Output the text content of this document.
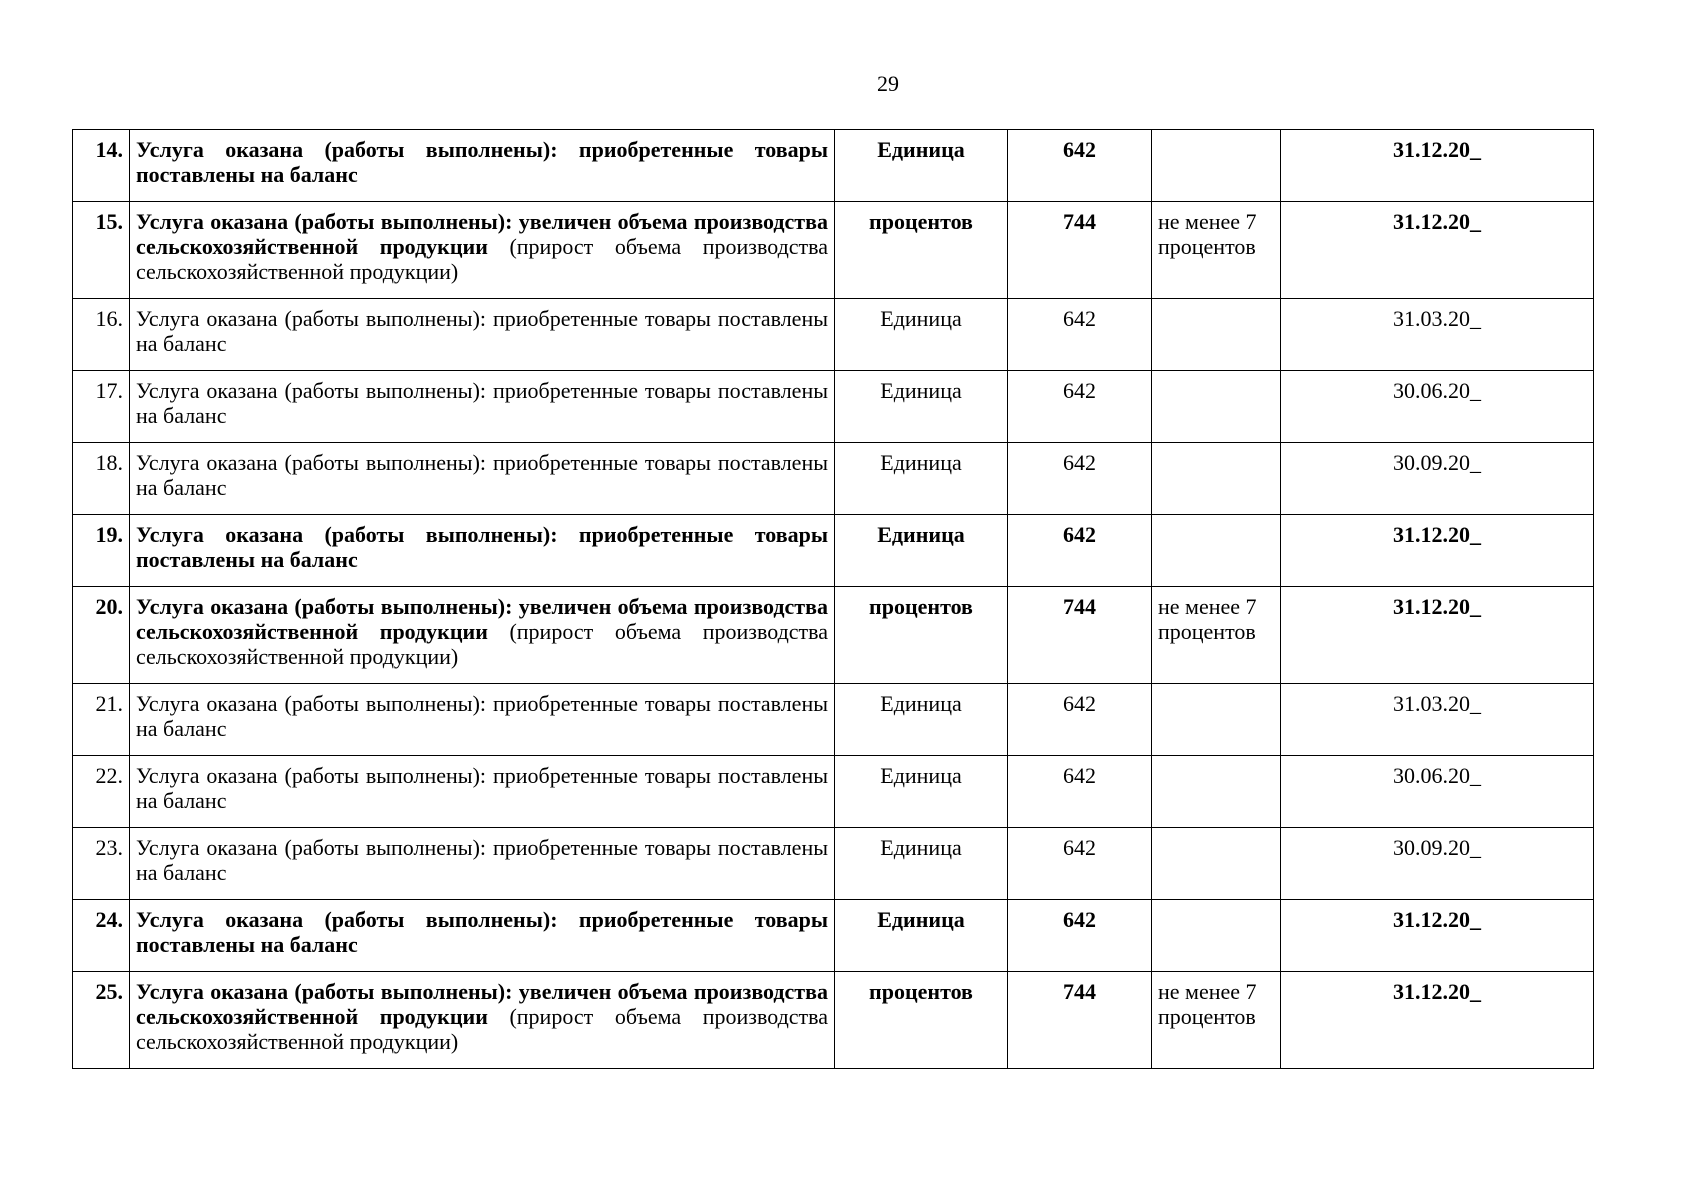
29
14.	Услуга оказана (работы выполнены): приобретенные товары поставлены на баланс	Единица	642		31.12.20_
15.	Услуга оказана (работы выполнены): увеличен объема производства сельскохозяйственной продукции (прирост объема производства сельскохозяйственной продукции)	процентов	744	не менее 7 процентов	31.12.20_
16.	Услуга оказана (работы выполнены): приобретенные товары поставлены на баланс	Единица	642		31.03.20_
17.	Услуга оказана (работы выполнены): приобретенные товары поставлены на баланс	Единица	642		30.06.20_
18.	Услуга оказана (работы выполнены): приобретенные товары поставлены на баланс	Единица	642		30.09.20_
19.	Услуга оказана (работы выполнены): приобретенные товары поставлены на баланс	Единица	642		31.12.20_
20.	Услуга оказана (работы выполнены): увеличен объема производства сельскохозяйственной продукции (прирост объема производства сельскохозяйственной продукции)	процентов	744	не менее 7 процентов	31.12.20_
21.	Услуга оказана (работы выполнены): приобретенные товары поставлены на баланс	Единица	642		31.03.20_
22.	Услуга оказана (работы выполнены): приобретенные товары поставлены на баланс	Единица	642		30.06.20_
23.	Услуга оказана (работы выполнены): приобретенные товары поставлены на баланс	Единица	642		30.09.20_
24.	Услуга оказана (работы выполнены): приобретенные товары поставлены на баланс	Единица	642		31.12.20_
25.	Услуга оказана (работы выполнены): увеличен объема производства сельскохозяйственной продукции (прирост объема производства сельскохозяйственной продукции)	процентов	744	не менее 7 процентов	31.12.20_
